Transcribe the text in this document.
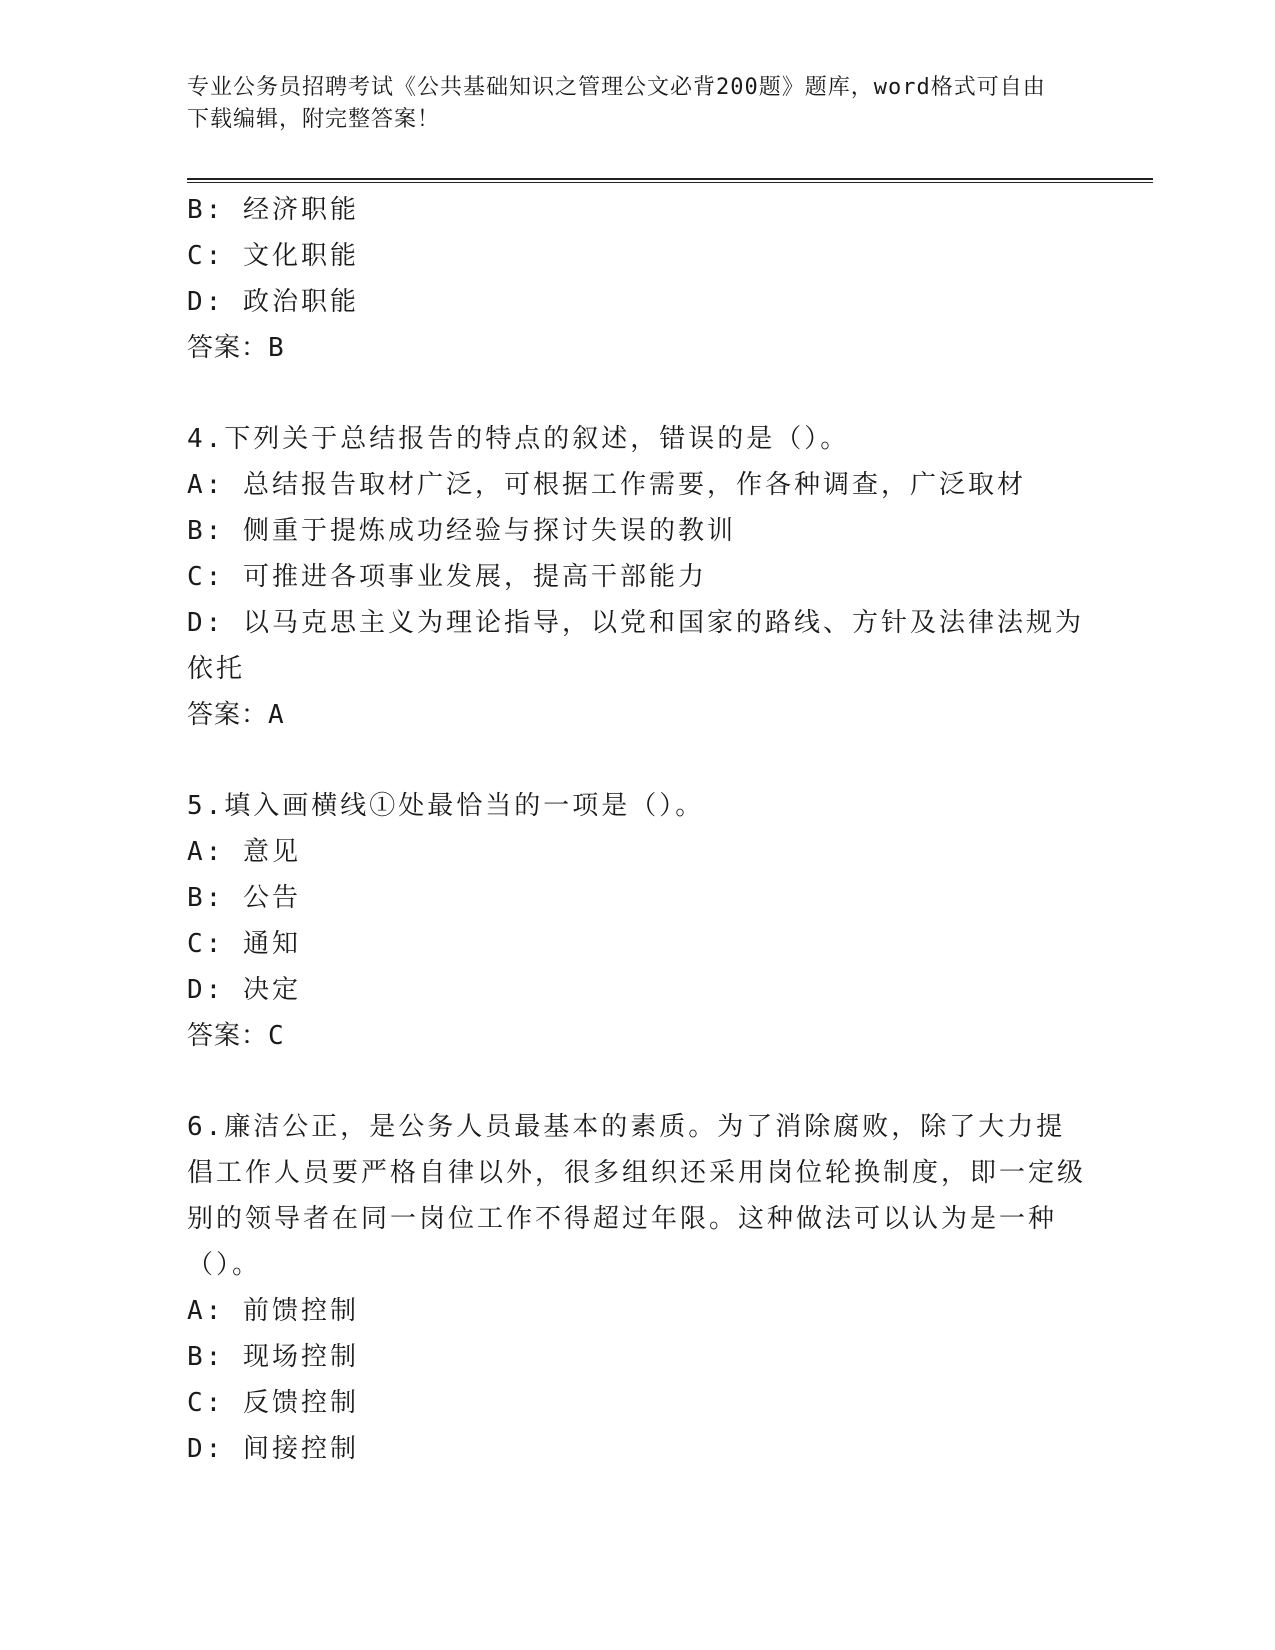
专业公务员招聘考试《公共基础知识之管理公文必背200题》题库，word格式可自由下载编辑，附完整答案！
B: 经济职能
C: 文化职能
D: 政治职能
答案：B
4.下列关于总结报告的特点的叙述，错误的是（）。
A: 总结报告取材广泛，可根据工作需要，作各种调查，广泛取材
B: 侧重于提炼成功经验与探讨失误的教训
C: 可推进各项事业发展，提高干部能力
D: 以马克思主义为理论指导，以党和国家的路线、方针及法律法规为依托
答案：A
5.填入画横线①处最恰当的一项是（）。
A: 意见
B: 公告
C: 通知
D: 决定
答案：C
6.廉洁公正，是公务人员最基本的素质。为了消除腐败，除了大力提倡工作人员要严格自律以外，很多组织还采用岗位轮换制度，即一定级别的领导者在同一岗位工作不得超过年限。这种做法可以认为是一种（）。
A: 前馈控制
B: 现场控制
C: 反馈控制
D: 间接控制
